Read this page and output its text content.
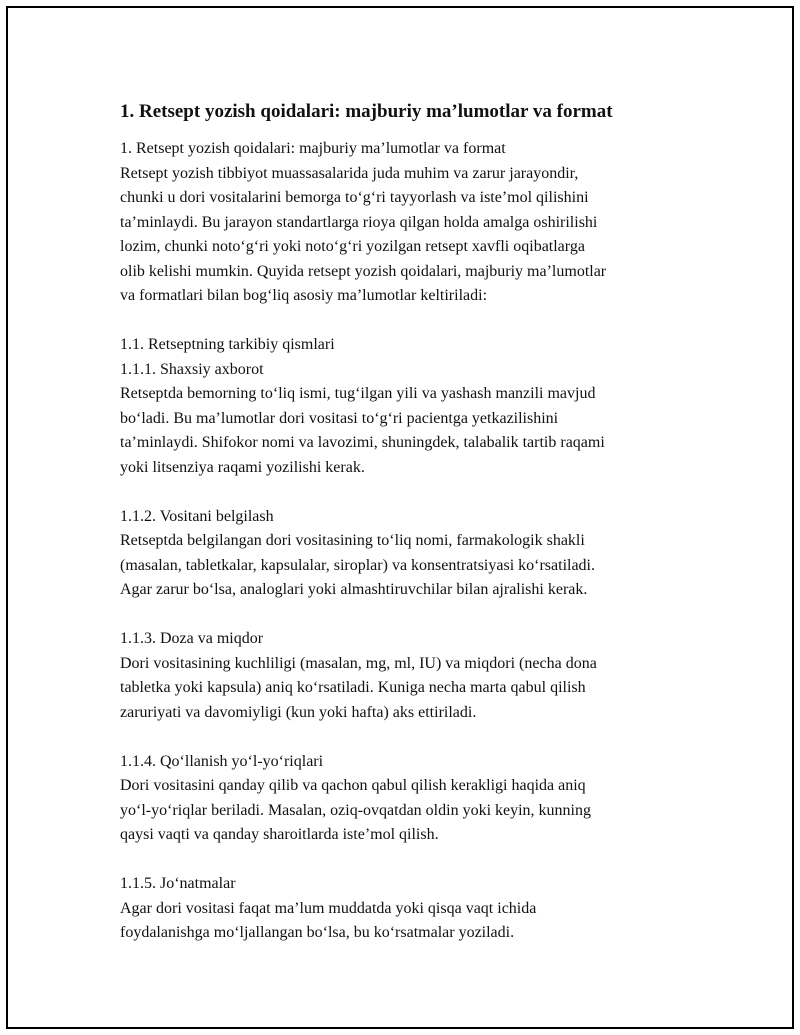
1. Retsept yozish qoidalari: majburiy ma’lumotlar va format
1. Retsept yozish qoidalari: majburiy ma’lumotlar va format
Retsept yozish tibbiyot muassasalarida juda muhim va zarur jarayondir,
chunki u dori vositalarini bemorga to‘g‘ri tayyorlash va iste’mol qilishini
ta’minlaydi. Bu jarayon standartlarga rioya qilgan holda amalga oshirilishi
lozim, chunki noto‘g‘ri yoki noto‘g‘ri yozilgan retsept xavfli oqibatlarga
olib kelishi mumkin. Quyida retsept yozish qoidalari, majburiy ma’lumotlar
va formatlari bilan bog‘liq asosiy ma’lumotlar keltiriladi:
1.1. Retseptning tarkibiy qismlari
1.1.1. Shaxsiy axborot
Retseptda bemorning to‘liq ismi, tug‘ilgan yili va yashash manzili mavjud
bo‘ladi. Bu ma’lumotlar dori vositasi to‘g‘ri pacientga yetkazilishini
ta’minlaydi. Shifokor nomi va lavozimi, shuningdek, talabalik tartib raqami
yoki litsenziya raqami yozilishi kerak.
1.1.2. Vositani belgilash
Retseptda belgilangan dori vositasining to‘liq nomi, farmakologik shakli
(masalan, tabletkalar, kapsulalar, siroplar) va konsentratsiyasi ko‘rsatiladi.
Agar zarur bo‘lsa, analoglari yoki almashtiruvchilar bilan ajralishi kerak.
1.1.3. Doza va miqdor
Dori vositasining kuchliligi (masalan, mg, ml, IU) va miqdori (necha dona
tabletka yoki kapsula) aniq ko‘rsatiladi. Kuniga necha marta qabul qilish
zaruriyati va davomiyligi (kun yoki hafta) aks ettiriladi.
1.1.4. Qo‘llanish yo‘l-yo‘riqlari
Dori vositasini qanday qilib va qachon qabul qilish kerakligi haqida aniq
yo‘l-yo‘riqlar beriladi. Masalan, oziq-ovqatdan oldin yoki keyin, kunning
qaysi vaqti va qanday sharoitlarda iste’mol qilish.
1.1.5. Jo‘natmalar
Agar dori vositasi faqat ma’lum muddatda yoki qisqa vaqt ichida
foydalanishga mo‘ljallangan bo‘lsa, bu ko‘rsatmalar yoziladi.
